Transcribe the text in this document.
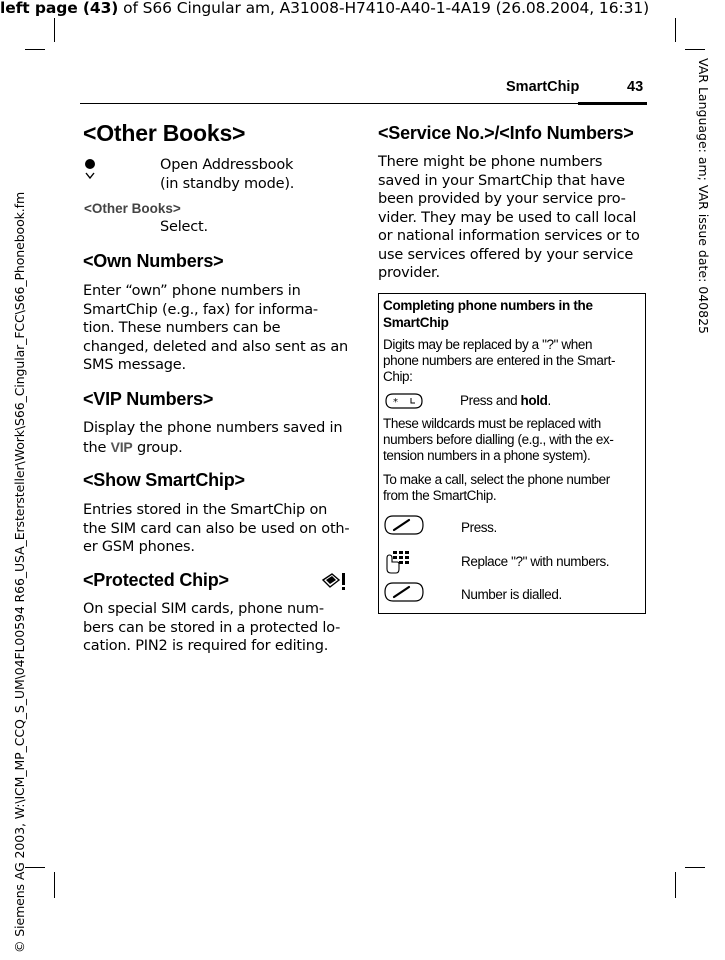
left page (43) of S66 Cingular am, A31008-H7410-A40-1-4A19 (26.08.2004, 16:31)
© Siemens AG 2003, W:\ICM_MP_CCQ_S_UM\04FL00594 R66_USA_Erstersteller\Work\S66_Cingular_FCC\S66_Phonebook.fm	VAR Language: am; VAR issue date: 040825
SmartChip	43
<Other Books>
Open Addressbook
(in standby mode).
<Other Books>
Select.
<Own Numbers>
Enter “own” phone numbers in
SmartChip (e.g., fax) for informa-
tion. These numbers can be
changed, deleted and also sent as an
SMS message.
<VIP Numbers>
Display the phone numbers saved in
the VIP group.
<Show SmartChip>
Entries stored in the SmartChip on
the SIM card can also be used on oth-
er GSM phones.
<Protected Chip>
On special SIM cards, phone num-
bers can be stored in a protected lo-
cation. PIN2 is required for editing.
<Service No.>/<Info Numbers>
There might be phone numbers
saved in your SmartChip that have
been provided by your service pro-
vider. They may be used to call local
or national information services or to
use services offered by your service
provider.
Completing phone numbers in the
SmartChip
Digits may be replaced by a "?" when
phone numbers are entered in the Smart-
Chip:
*	Press and hold.
These wildcards must be replaced with
numbers before dialling (e.g., with the ex-
tension numbers in a phone system).
To make a call, select the phone number
from the SmartChip.
Press.
Replace "?" with numbers.
Number is dialled.
